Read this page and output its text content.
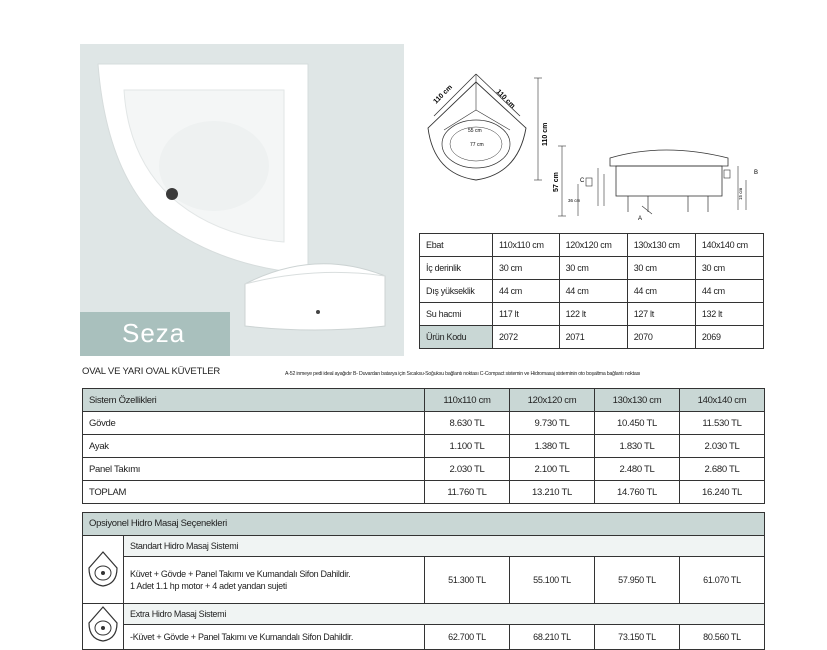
Seza
110 cm	110 cm
110 cm
55 cm
77 cm
57 cm
36 cm
C
A
B
15 cm
Ebat	110x110 cm	120x120 cm	130x130 cm	140x140 cm
İç derinlik	30 cm	30 cm	30 cm	30 cm
Dış yükseklik	44 cm	44 cm	44 cm	44 cm
Su hacmi	117 lt	122 lt	127 lt	132 lt
Ürün Kodu	2072	2071	2070	2069
OVAL VE YARI OVAL KÜVETLER	A-52 inmeye pedi ideal ayağıdır B- Duvardan batarya için Sıcaksu-Soğuksu bağlantı noktası C-Compact sistemin ve Hidromasaj sisteminin oto boşaltma bağlantı noktası
Sistem Özellikleri	110x110 cm	120x120 cm	130x130 cm	140x140 cm
Gövde	8.630 TL	9.730 TL	10.450 TL	11.530 TL
Ayak	1.100 TL	1.380 TL	1.830 TL	2.030 TL
Panel Takımı	2.030 TL	2.100 TL	2.480 TL	2.680 TL
TOPLAM	11.760 TL	13.210 TL	14.760 TL	16.240 TL
Opsiyonel Hidro Masaj Seçenekleri
	Standart Hidro Masaj Sistemi				

	Küvet + Gövde + Panel Takımı ve Kumandalı Sifon Dahildir.
1 Adet 1.1 hp motor + 4 adet yandan sujeti	51.300 TL	55.100 TL	57.950 TL	61.070 TL
	Extra Hidro Masaj Sistemi				

	-Küvet + Gövde + Panel Takımı ve Kumandalı Sifon Dahildir.	62.700 TL	68.210 TL	73.150 TL	80.560 TL
